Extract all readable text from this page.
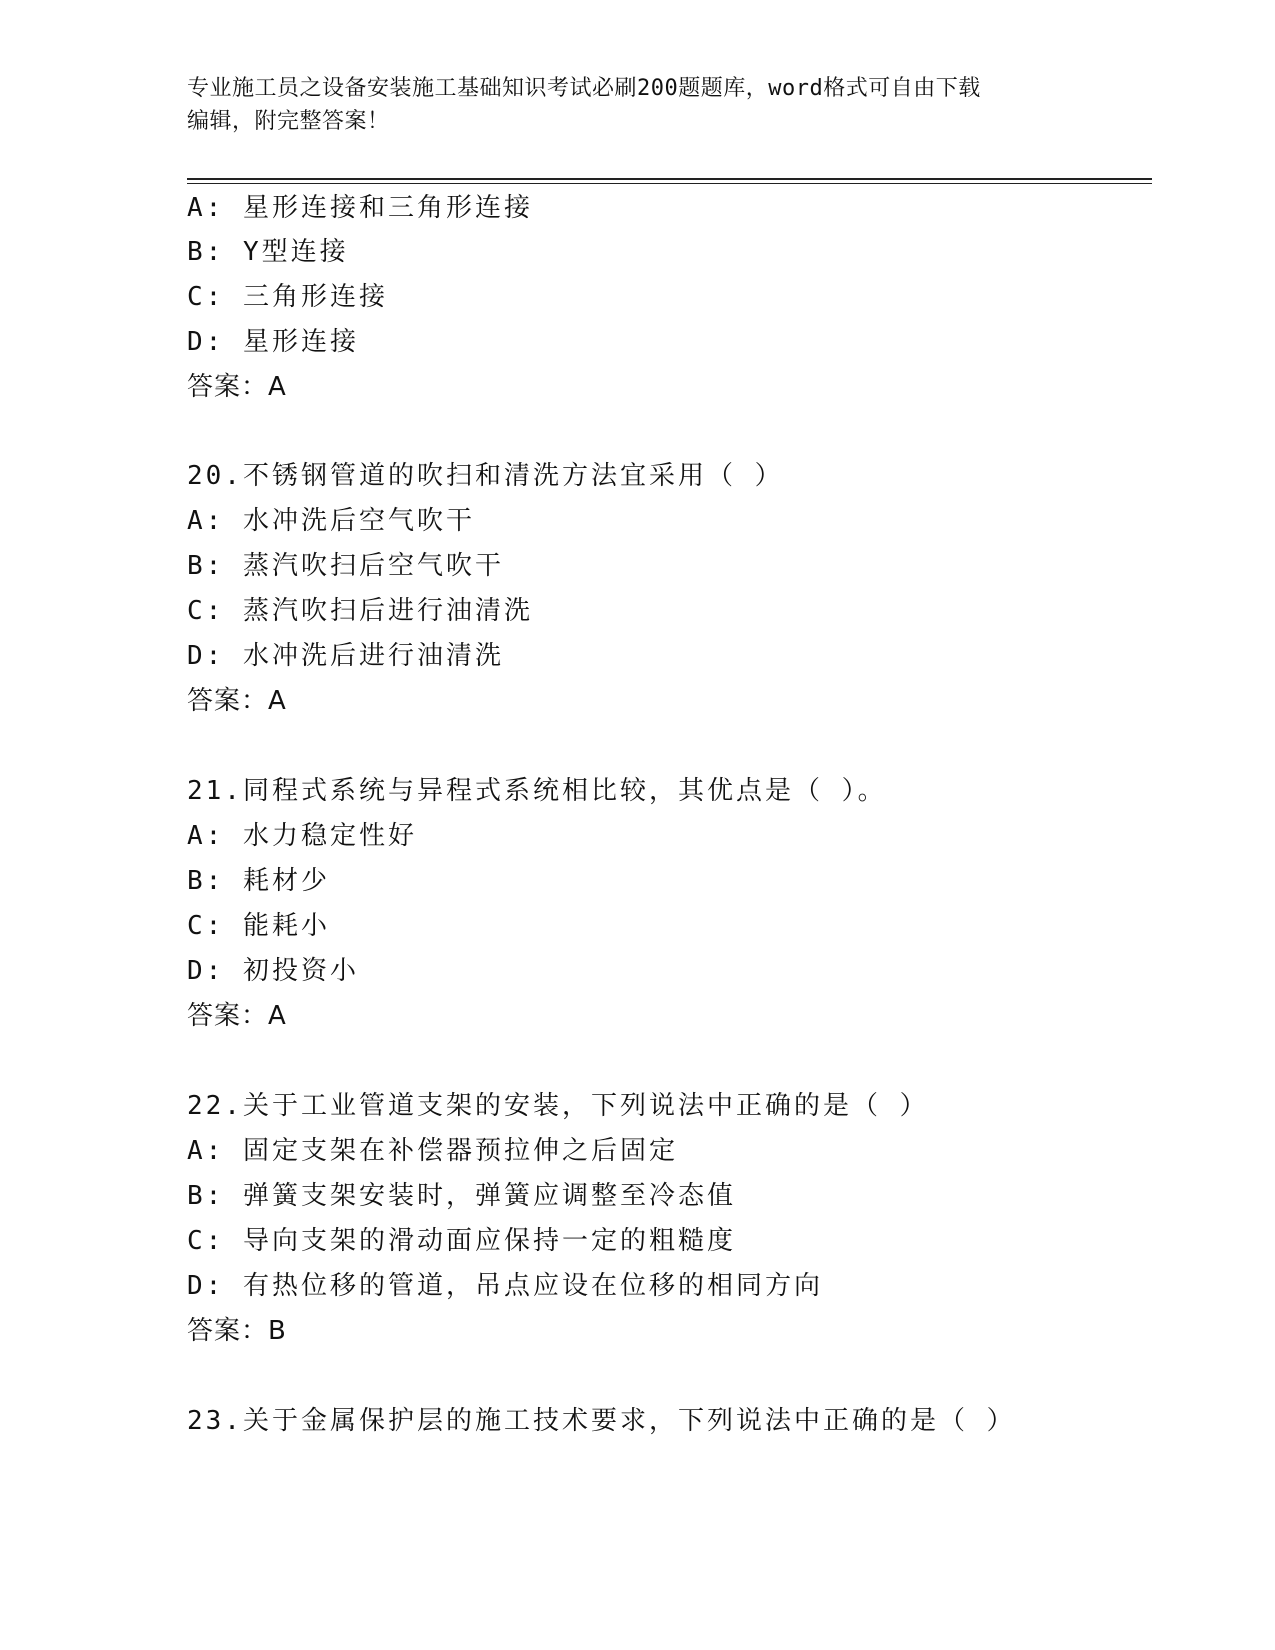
专业施工员之设备安装施工基础知识考试必刷200题题库，word格式可自由下载
编辑，附完整答案！
A: 星形连接和三角形连接
B: Y型连接
C: 三角形连接
D: 星形连接
答案：A
20.不锈钢管道的吹扫和清洗方法宜采用（ ）
A: 水冲洗后空气吹干
B: 蒸汽吹扫后空气吹干
C: 蒸汽吹扫后进行油清洗
D: 水冲洗后进行油清洗
答案：A
21.同程式系统与异程式系统相比较，其优点是（ ）。
A: 水力稳定性好
B: 耗材少
C: 能耗小
D: 初投资小
答案：A
22.关于工业管道支架的安装，下列说法中正确的是（ ）
A: 固定支架在补偿器预拉伸之后固定
B: 弹簧支架安装时，弹簧应调整至冷态值
C: 导向支架的滑动面应保持一定的粗糙度
D: 有热位移的管道，吊点应设在位移的相同方向
答案：B
23.关于金属保护层的施工技术要求，下列说法中正确的是（ ）
